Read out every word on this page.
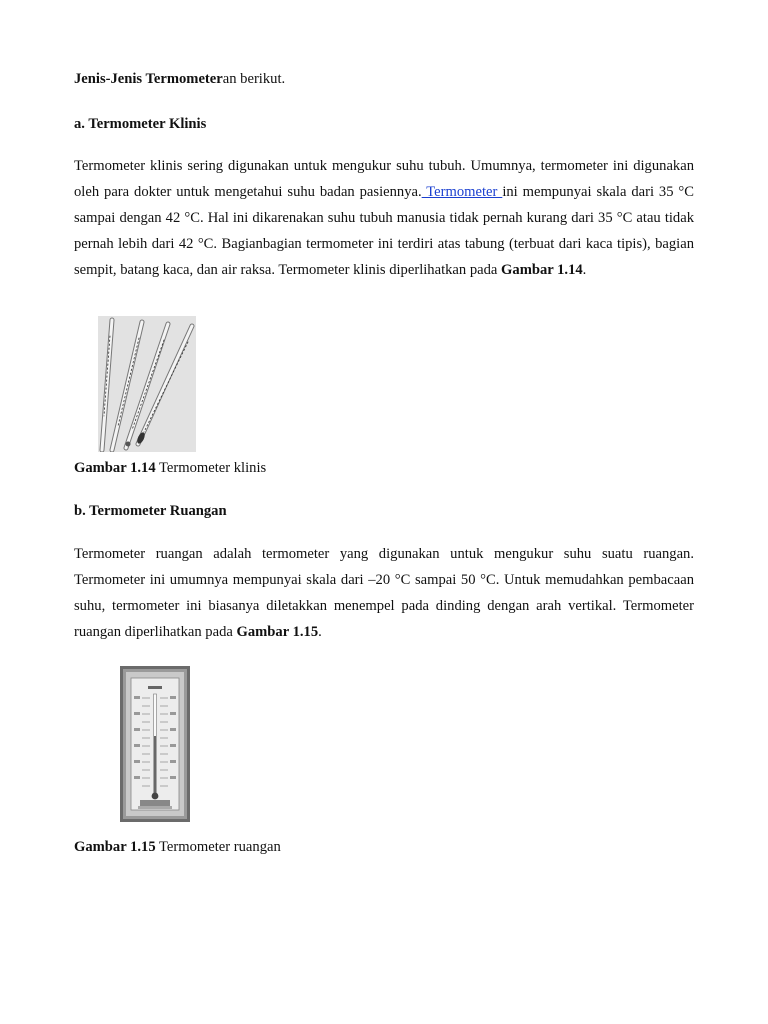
Jenis-Jenis Termometeran berikut.

a. Termometer Klinis

Termometer klinis sering digunakan untuk mengukur suhu tubuh. Umumnya, termometer ini digunakan oleh para dokter untuk mengetahui suhu badan pasiennya. Termometer ini mempunyai skala dari 35 °C sampai dengan 42 °C. Hal ini dikarenakan suhu tubuh manusia tidak pernah kurang dari 35 °C atau tidak pernah lebih dari 42 °C. Bagianbagian termometer ini terdiri atas tabung (terbuat dari kaca tipis), bagian sempit, batang kaca, dan air raksa. Termometer klinis diperlihatkan pada Gambar 1.14.

Gambar 1.14 Termometer klinis

b. Termometer Ruangan

Termometer ruangan adalah termometer yang digunakan untuk mengukur suhu suatu ruangan. Termometer ini umumnya mempunyai skala dari –20 °C sampai 50 °C. Untuk memudahkan pembacaan suhu, termometer ini biasanya diletakkan menempel pada dinding dengan arah vertikal. Termometer ruangan diperlihatkan pada Gambar 1.15.

Gambar 1.15 Termometer ruangan
